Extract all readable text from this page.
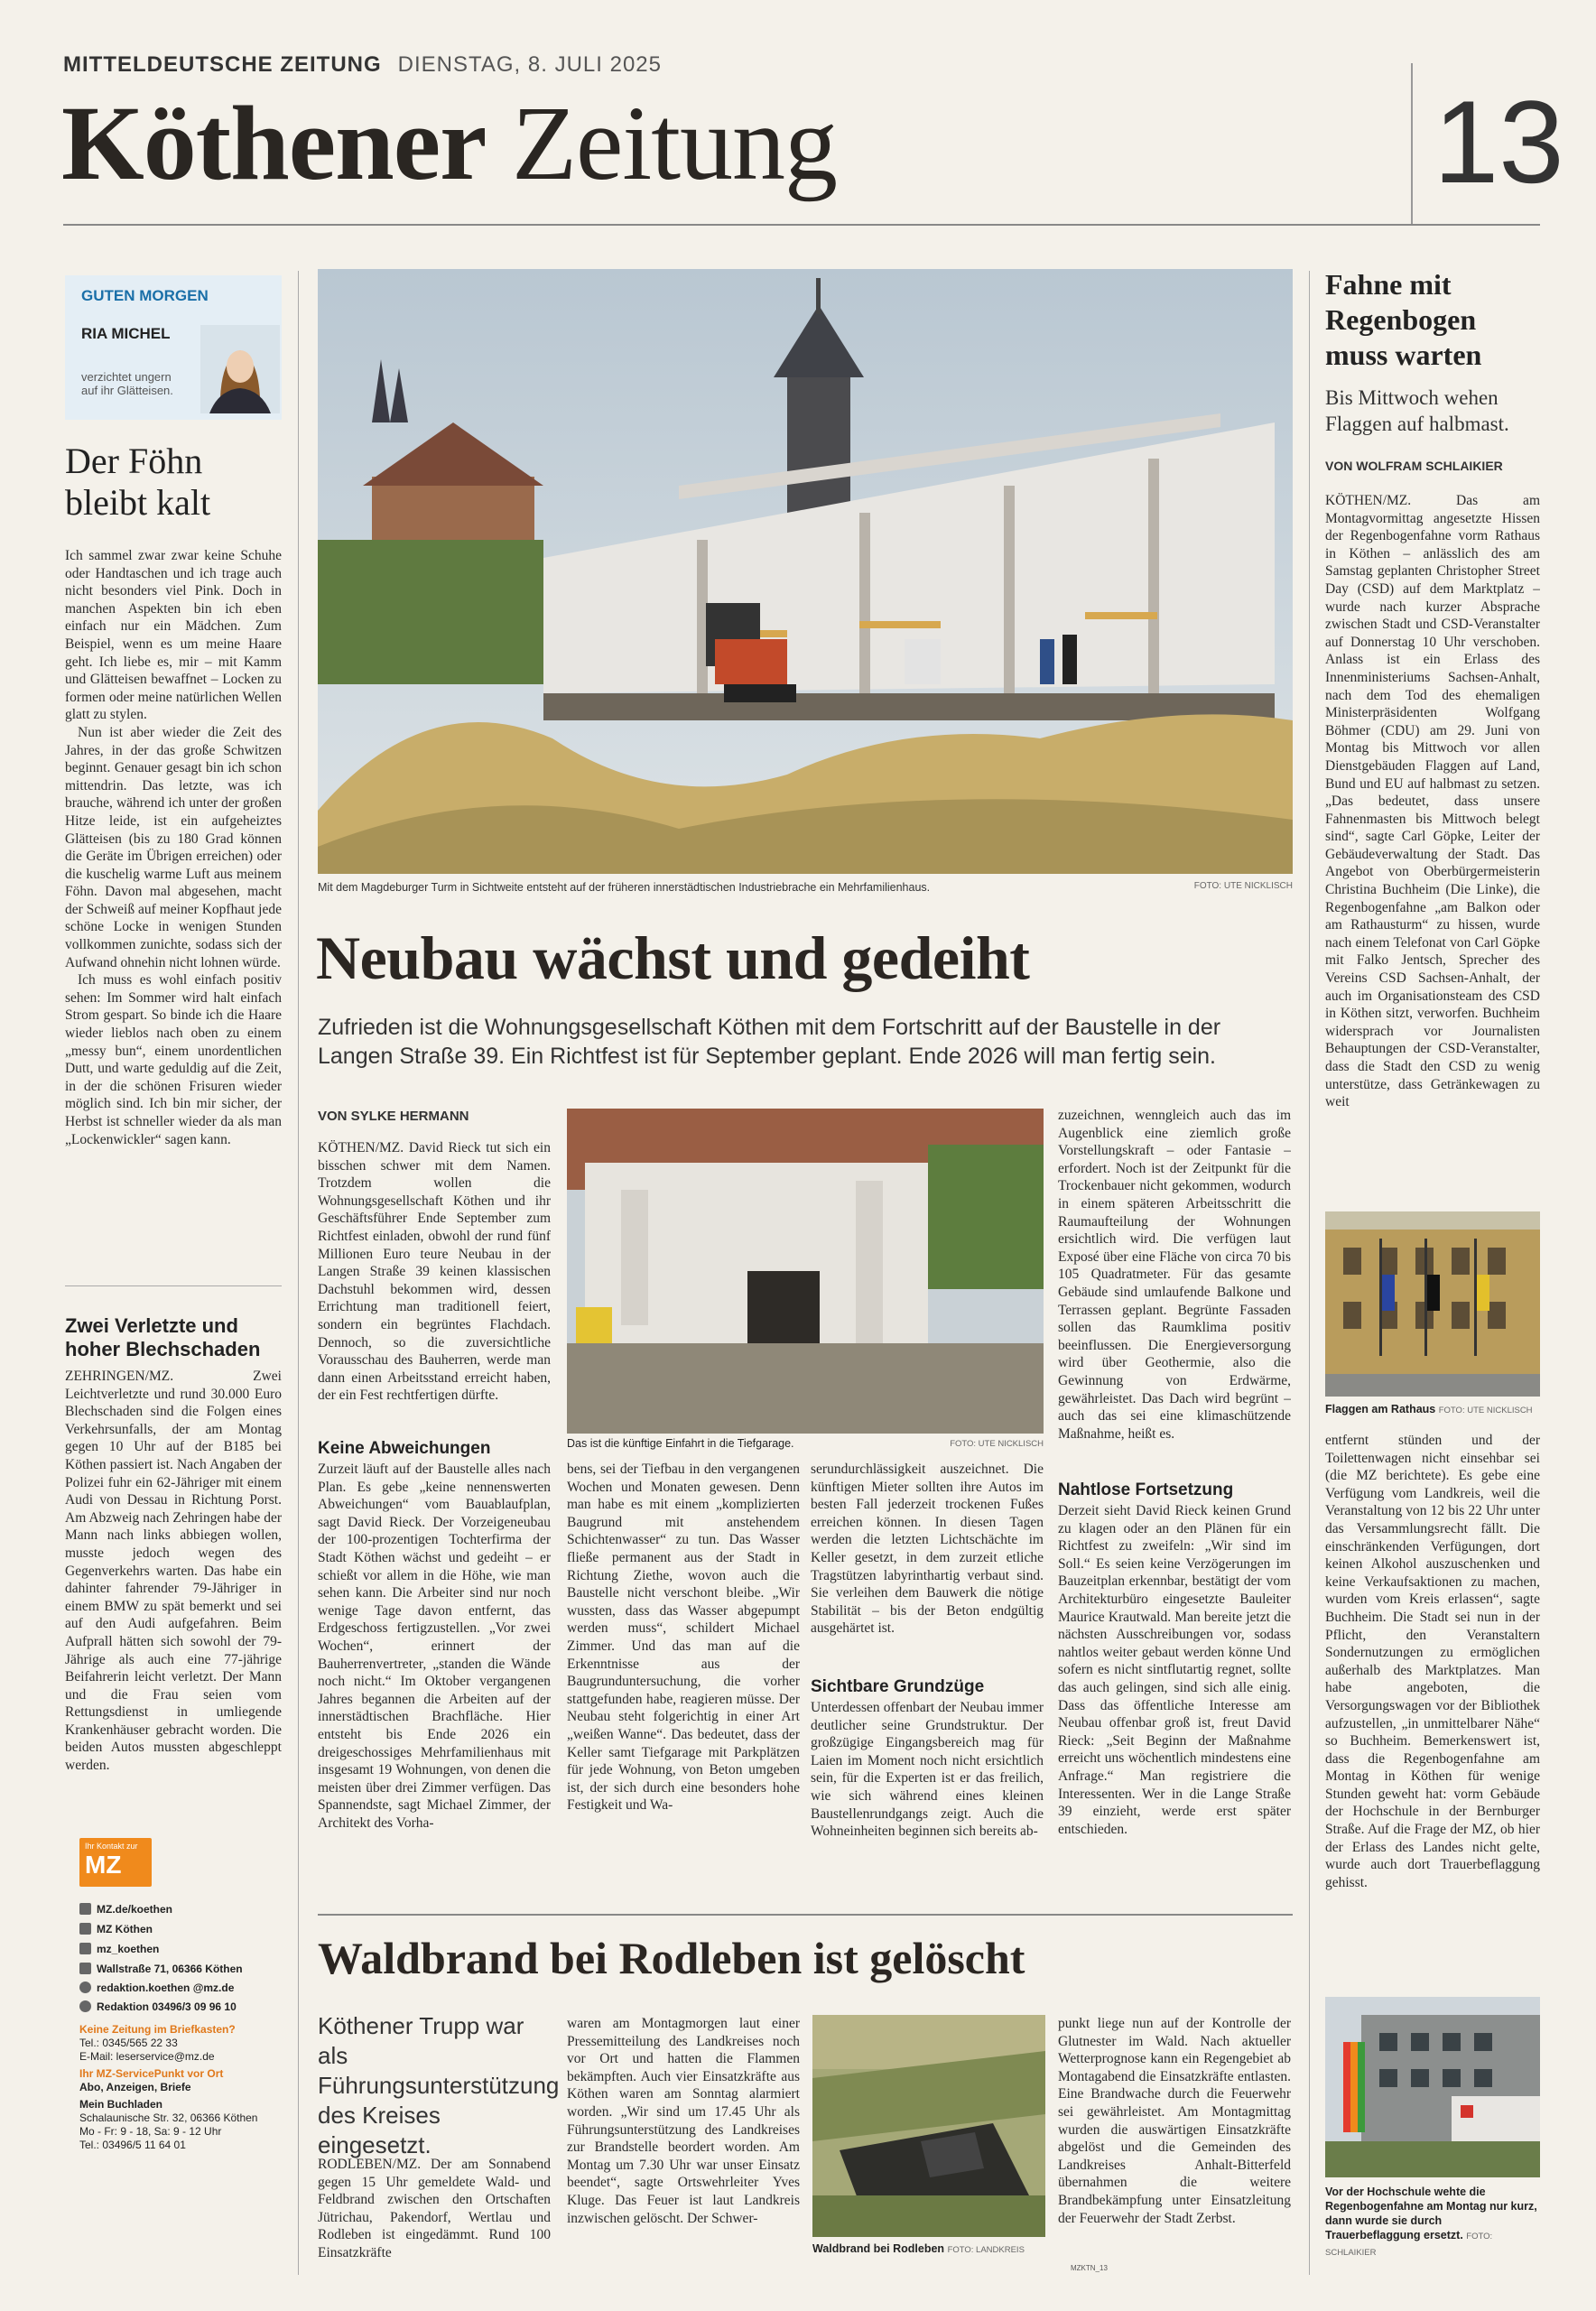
MITTELDEUTSCHE ZEITUNG DIENSTAG, 8. JULI 2025
Köthener Zeitung	13
GUTEN MORGEN
RIA MICHEL
verzichtet ungern auf ihr Glätteisen.
Der Föhn bleibt kalt

Ich sammel zwar zwar keine Schuhe oder Handtaschen und ich trage auch nicht besonders viel Pink. Doch in manchen Aspekten bin ich eben einfach nur ein Mädchen. Zum Beispiel, wenn es um meine Haare geht. Ich liebe es, mir – mit Kamm und Glätteisen bewaffnet – Locken zu formen oder meine natürlichen Wellen glatt zu stylen.

Nun ist aber wieder die Zeit des Jahres, in der das große Schwitzen beginnt. Genauer gesagt bin ich schon mittendrin. Das letzte, was ich brauche, während ich unter der großen Hitze leide, ist ein aufgeheiztes Glätteisen (bis zu 180 Grad können die Geräte im Übrigen erreichen) oder die kuschelig warme Luft aus meinem Föhn. Davon mal abgesehen, macht der Schweiß auf meiner Kopfhaut jede schöne Locke in wenigen Stunden vollkommen zunichte, sodass sich der Aufwand ohnehin nicht lohnen würde.

Ich muss es wohl einfach positiv sehen: Im Sommer wird halt einfach Strom gespart. So binde ich die Haare wieder lieblos nach oben zu einem „messy bun“, einem unordentlichen Dutt, und warte geduldig auf die Zeit, in der die schönen Frisuren wieder möglich sind. Ich bin mir sicher, der Herbst ist schneller wieder da als man „Lockenwickler“ sagen kann.

Zwei Verletzte und hoher Blechschaden
ZEHRINGEN/MZ. Zwei Leichtverletzte und rund 30.000 Euro Blechschaden sind die Folgen eines Verkehrsunfalls, der am Montag gegen 10 Uhr auf der B185 bei Köthen passiert ist. Nach Angaben der Polizei fuhr ein 62-Jähriger mit einem Audi von Dessau in Richtung Porst. Am Abzweig nach Zehringen habe der Mann nach links abbiegen wollen, musste jedoch wegen des Gegenverkehrs warten. Das habe ein dahinter fahrender 79-Jähriger in einem BMW zu spät bemerkt und sei auf den Audi aufgefahren. Beim Aufprall hätten sich sowohl der 79-Jährige als auch eine 77-jährige Beifahrerin leicht verletzt. Der Mann und die Frau seien vom Rettungsdienst in umliegende Krankenhäuser gebracht worden. Die beiden Autos mussten abgeschleppt werden.
Ihr Kontakt zur
MZ
MZ.de/koethen
MZ Köthen
mz_koethen
Wallstraße 71, 06366 Köthen
redaktion.koethen @mz.de
Redaktion 03496/3 09 96 10
Keine Zeitung im Briefkasten?
Tel.: 0345/565 22 33
E-Mail: leserservice@mz.de
Ihr MZ-ServicePunkt vor Ort
Abo, Anzeigen, Briefe
Mein Buchladen
Schalaunische Str. 32, 06366 Köthen
Mo - Fr: 9 - 18, Sa: 9 - 12 Uhr
Tel.: 03496/5 11 64 01
Mit dem Magdeburger Turm in Sichtweite entsteht auf der früheren innerstädtischen Industriebrache ein Mehrfamilienhaus.	FOTO: UTE NICKLISCH
Neubau wächst und gedeiht
Zufrieden ist die Wohnungsgesellschaft Köthen mit dem Fortschritt auf der Baustelle in der Langen Straße 39. Ein Richtfest ist für September geplant. Ende 2026 will man fertig sein.
VON SYLKE HERMANN
KÖTHEN/MZ. David Rieck tut sich ein bisschen schwer mit dem Namen. Trotzdem wollen die Wohnungsgesellschaft Köthen und ihr Geschäftsführer Ende September zum Richtfest einladen, obwohl der rund fünf Millionen Euro teure Neubau in der Langen Straße 39 keinen klassischen Dachstuhl bekommen wird, dessen Errichtung man traditionell feiert, sondern ein begrüntes Flachdach. Dennoch, so die zuversichtliche Vorausschau des Bauherren, werde man dann einen Arbeitsstand erreicht haben, der ein Fest rechtfertigen dürfte.
Keine Abweichungen
Zurzeit läuft auf der Baustelle alles nach Plan. Es gebe „keine nennenswerten Abweichungen“ vom Bauablaufplan, sagt David Rieck. Der Vorzeigeneubau der 100-prozentigen Tochterfirma der Stadt Köthen wächst und gedeiht – er schießt vor allem in die Höhe, wie man sehen kann. Die Arbeiter sind nur noch wenige Tage davon entfernt, das Erdgeschoss fertigzustellen. „Vor zwei Wochen“, erinnert der Bauherrenvertreter, „standen die Wände noch nicht.“ Im Oktober vergangenen Jahres begannen die Arbeiten auf der innerstädtischen Brachfläche. Hier entsteht bis Ende 2026 ein dreigeschossiges Mehrfamilienhaus mit insgesamt 19 Wohnungen, von denen die meisten über drei Zimmer verfügen. Das Spannendste, sagt Michael Zimmer, der Architekt des Vorha-
Das ist die künftige Einfahrt in die Tiefgarage.	FOTO: UTE NICKLISCH
bens, sei der Tiefbau in den vergangenen Wochen und Monaten gewesen. Denn man habe es mit einem „komplizierten Baugrund mit anstehendem Schichtenwasser“ zu tun. Das Wasser fließe permanent aus der Stadt in Richtung Ziethe, wovon auch die Baustelle nicht verschont bleibe. „Wir wussten, dass das Wasser abgepumpt werden muss“, schildert Michael Zimmer. Und das man auf die Erkenntnisse aus der Baugrunduntersuchung, die vorher stattgefunden habe, reagieren müsse. Der Neubau steht folgerichtig in einer Art „weißen Wanne“. Das bedeutet, dass der Keller samt Tiefgarage mit Parkplätzen für jede Wohnung, von Beton umgeben ist, der sich durch eine besonders hohe Festigkeit und Wa-
serundurchlässigkeit auszeichnet. Die künftigen Mieter sollten ihre Autos im besten Fall jederzeit trockenen Fußes erreichen können. In diesen Tagen werden die letzten Lichtschächte im Keller gesetzt, in dem zurzeit etliche Tragstützen labyrinthartig verbaut sind. Sie verleihen dem Bauwerk die nötige Stabilität – bis der Beton endgültig ausgehärtet ist.
Sichtbare Grundzüge
Unterdessen offenbart der Neubau immer deutlicher seine Grundstruktur. Der großzügige Eingangsbereich mag für Laien im Moment noch nicht ersichtlich sein, für die Experten ist er das freilich, wie sich während eines kleinen Baustellenrundgangs zeigt. Auch die Wohneinheiten beginnen sich bereits ab-
zuzeichnen, wenngleich auch das im Augenblick eine ziemlich große Vorstellungskraft – oder Fantasie – erfordert. Noch ist der Zeitpunkt für die Trockenbauer nicht gekommen, wodurch in einem späteren Arbeitsschritt die Raumaufteilung der Wohnungen ersichtlich wird. Die verfügen laut Exposé über eine Fläche von circa 70 bis 105 Quadratmeter. Für das gesamte Gebäude sind umlaufende Balkone und Terrassen geplant. Begrünte Fassaden sollen das Raumklima positiv beeinflussen. Die Energieversorgung wird über Geothermie, also die Gewinnung von Erdwärme, gewährleistet. Das Dach wird begrünt – auch das sei eine klimaschützende Maßnahme, heißt es.
Nahtlose Fortsetzung
Derzeit sieht David Rieck keinen Grund zu klagen oder an den Plänen für ein Richtfest zu zweifeln: „Wir sind im Soll.“ Es seien keine Verzögerungen im Bauzeitplan erkennbar, bestätigt der vom Architekturbüro eingesetzte Bauleiter Maurice Krautwald. Man bereite jetzt die nächsten Ausschreibungen vor, sodass nahtlos weiter gebaut werden könne Und sofern es nicht sintflutartig regnet, sollte das auch gelingen, sind sich alle einig. Dass das öffentliche Interesse am Neubau offenbar groß ist, freut David Rieck: „Seit Beginn der Maßnahme erreicht uns wöchentlich mindestens eine Anfrage.“ Man registriere die Interessenten. Wer in die Lange Straße 39 einzieht, werde erst später entschieden.
Fahne mit Regenbogen muss warten
Bis Mittwoch wehen Flaggen auf halbmast.
VON WOLFRAM SCHLAIKIER
KÖTHEN/MZ. Das am Montagvormittag angesetzte Hissen der Regenbogenfahne vorm Rathaus in Köthen – anlässlich des am Samstag geplanten Christopher Street Day (CSD) auf dem Marktplatz – wurde nach kurzer Absprache zwischen Stadt und CSD-Veranstalter auf Donnerstag 10 Uhr verschoben. Anlass ist ein Erlass des Innenministeriums Sachsen-Anhalt, nach dem Tod des ehemaligen Ministerpräsidenten Wolfgang Böhmer (CDU) am 29. Juni von Montag bis Mittwoch vor allen Dienstgebäuden Flaggen auf Land, Bund und EU auf halbmast zu setzen. „Das bedeutet, dass unsere Fahnenmasten bis Mittwoch belegt sind“, sagte Carl Göpke, Leiter der Gebäudeverwaltung der Stadt. Das Angebot von Oberbürgermeisterin Christina Buchheim (Die Linke), die Regenbogenfahne „am Balkon oder am Rathausturm“ zu hissen, wurde nach einem Telefonat von Carl Göpke mit Falko Jentsch, Sprecher des Vereins CSD Sachsen-Anhalt, der auch im Organisationsteam des CSD in Köthen sitzt, verworfen. Buchheim widersprach vor Journalisten Behauptungen der CSD-Veranstalter, dass die Stadt den CSD zu wenig unterstütze, dass Getränkewagen zu weit
Flaggen am Rathaus FOTO: UTE NICKLISCH
entfernt stünden und der Toilettenwagen nicht einsehbar sei (die MZ berichtete). Es gebe eine Verfügung vom Landkreis, weil die Veranstaltung von 12 bis 22 Uhr unter das Versammlungsrecht fällt. Die einschränkenden Verfügungen, dort keinen Alkohol auszuschenken und keine Verkaufsaktionen zu machen, wurden vom Kreis erlassen“, sagte Buchheim. Die Stadt sei nun in der Pflicht, den Veranstaltern Sondernutzungen zu ermöglichen außerhalb des Marktplatzes. Man habe angeboten, die Versorgungswagen vor der Bibliothek aufzustellen, „in unmittelbarer Nähe“ so Buchheim. Bemerkenswert ist, dass die Regenbogenfahne am Montag in Köthen für wenige Stunden geweht hat: vorm Gebäude der Hochschule in der Bernburger Straße. Auf die Frage der MZ, ob hier der Erlass des Landes nicht gelte, wurde auch dort Trauerbeflaggung gehisst.
Vor der Hochschule wehte die Regenbogenfahne am Montag nur kurz, dann wurde sie durch Trauerbeflaggung ersetzt. FOTO: SCHLAIKIER
Waldbrand bei Rodleben ist gelöscht
Köthener Trupp war als Führungsunterstützung des Kreises eingesetzt.
RODLEBEN/MZ. Der am Sonnabend gegen 15 Uhr gemeldete Wald- und Feldbrand zwischen den Ortschaften Jütrichau, Pakendorf, Wertlau und Rodleben ist eingedämmt. Rund 100 Einsatzkräfte
waren am Montagmorgen laut einer Pressemitteilung des Landkreises noch vor Ort und hatten die Flammen bekämpften. Auch vier Einsatzkräfte aus Köthen waren am Sonntag alarmiert worden. „Wir sind um 17.45 Uhr als Führungsunterstützung des Landkreises zur Brandstelle beordert worden. Am Montag um 7.30 Uhr war unser Einsatz beendet“, sagte Ortswehrleiter Yves Kluge. Das Feuer ist laut Landkreis inzwischen gelöscht. Der Schwer-
Waldbrand bei Rodleben FOTO: LANDKREIS
punkt liege nun auf der Kontrolle der Glutnester im Wald. Nach aktueller Wetterprognose kann ein Regengebiet ab Montagabend die Einsatzkräfte entlasten. Eine Brandwache durch die Feuerwehr sei gewährleistet. Am Montagmittag wurden die auswärtigen Einsatzkräfte abgelöst und die Gemeinden des Landkreises Anhalt-Bitterfeld übernahmen die weitere Brandbekämpfung unter Einsatzleitung der Feuerwehr der Stadt Zerbst.
MZKTN_13
